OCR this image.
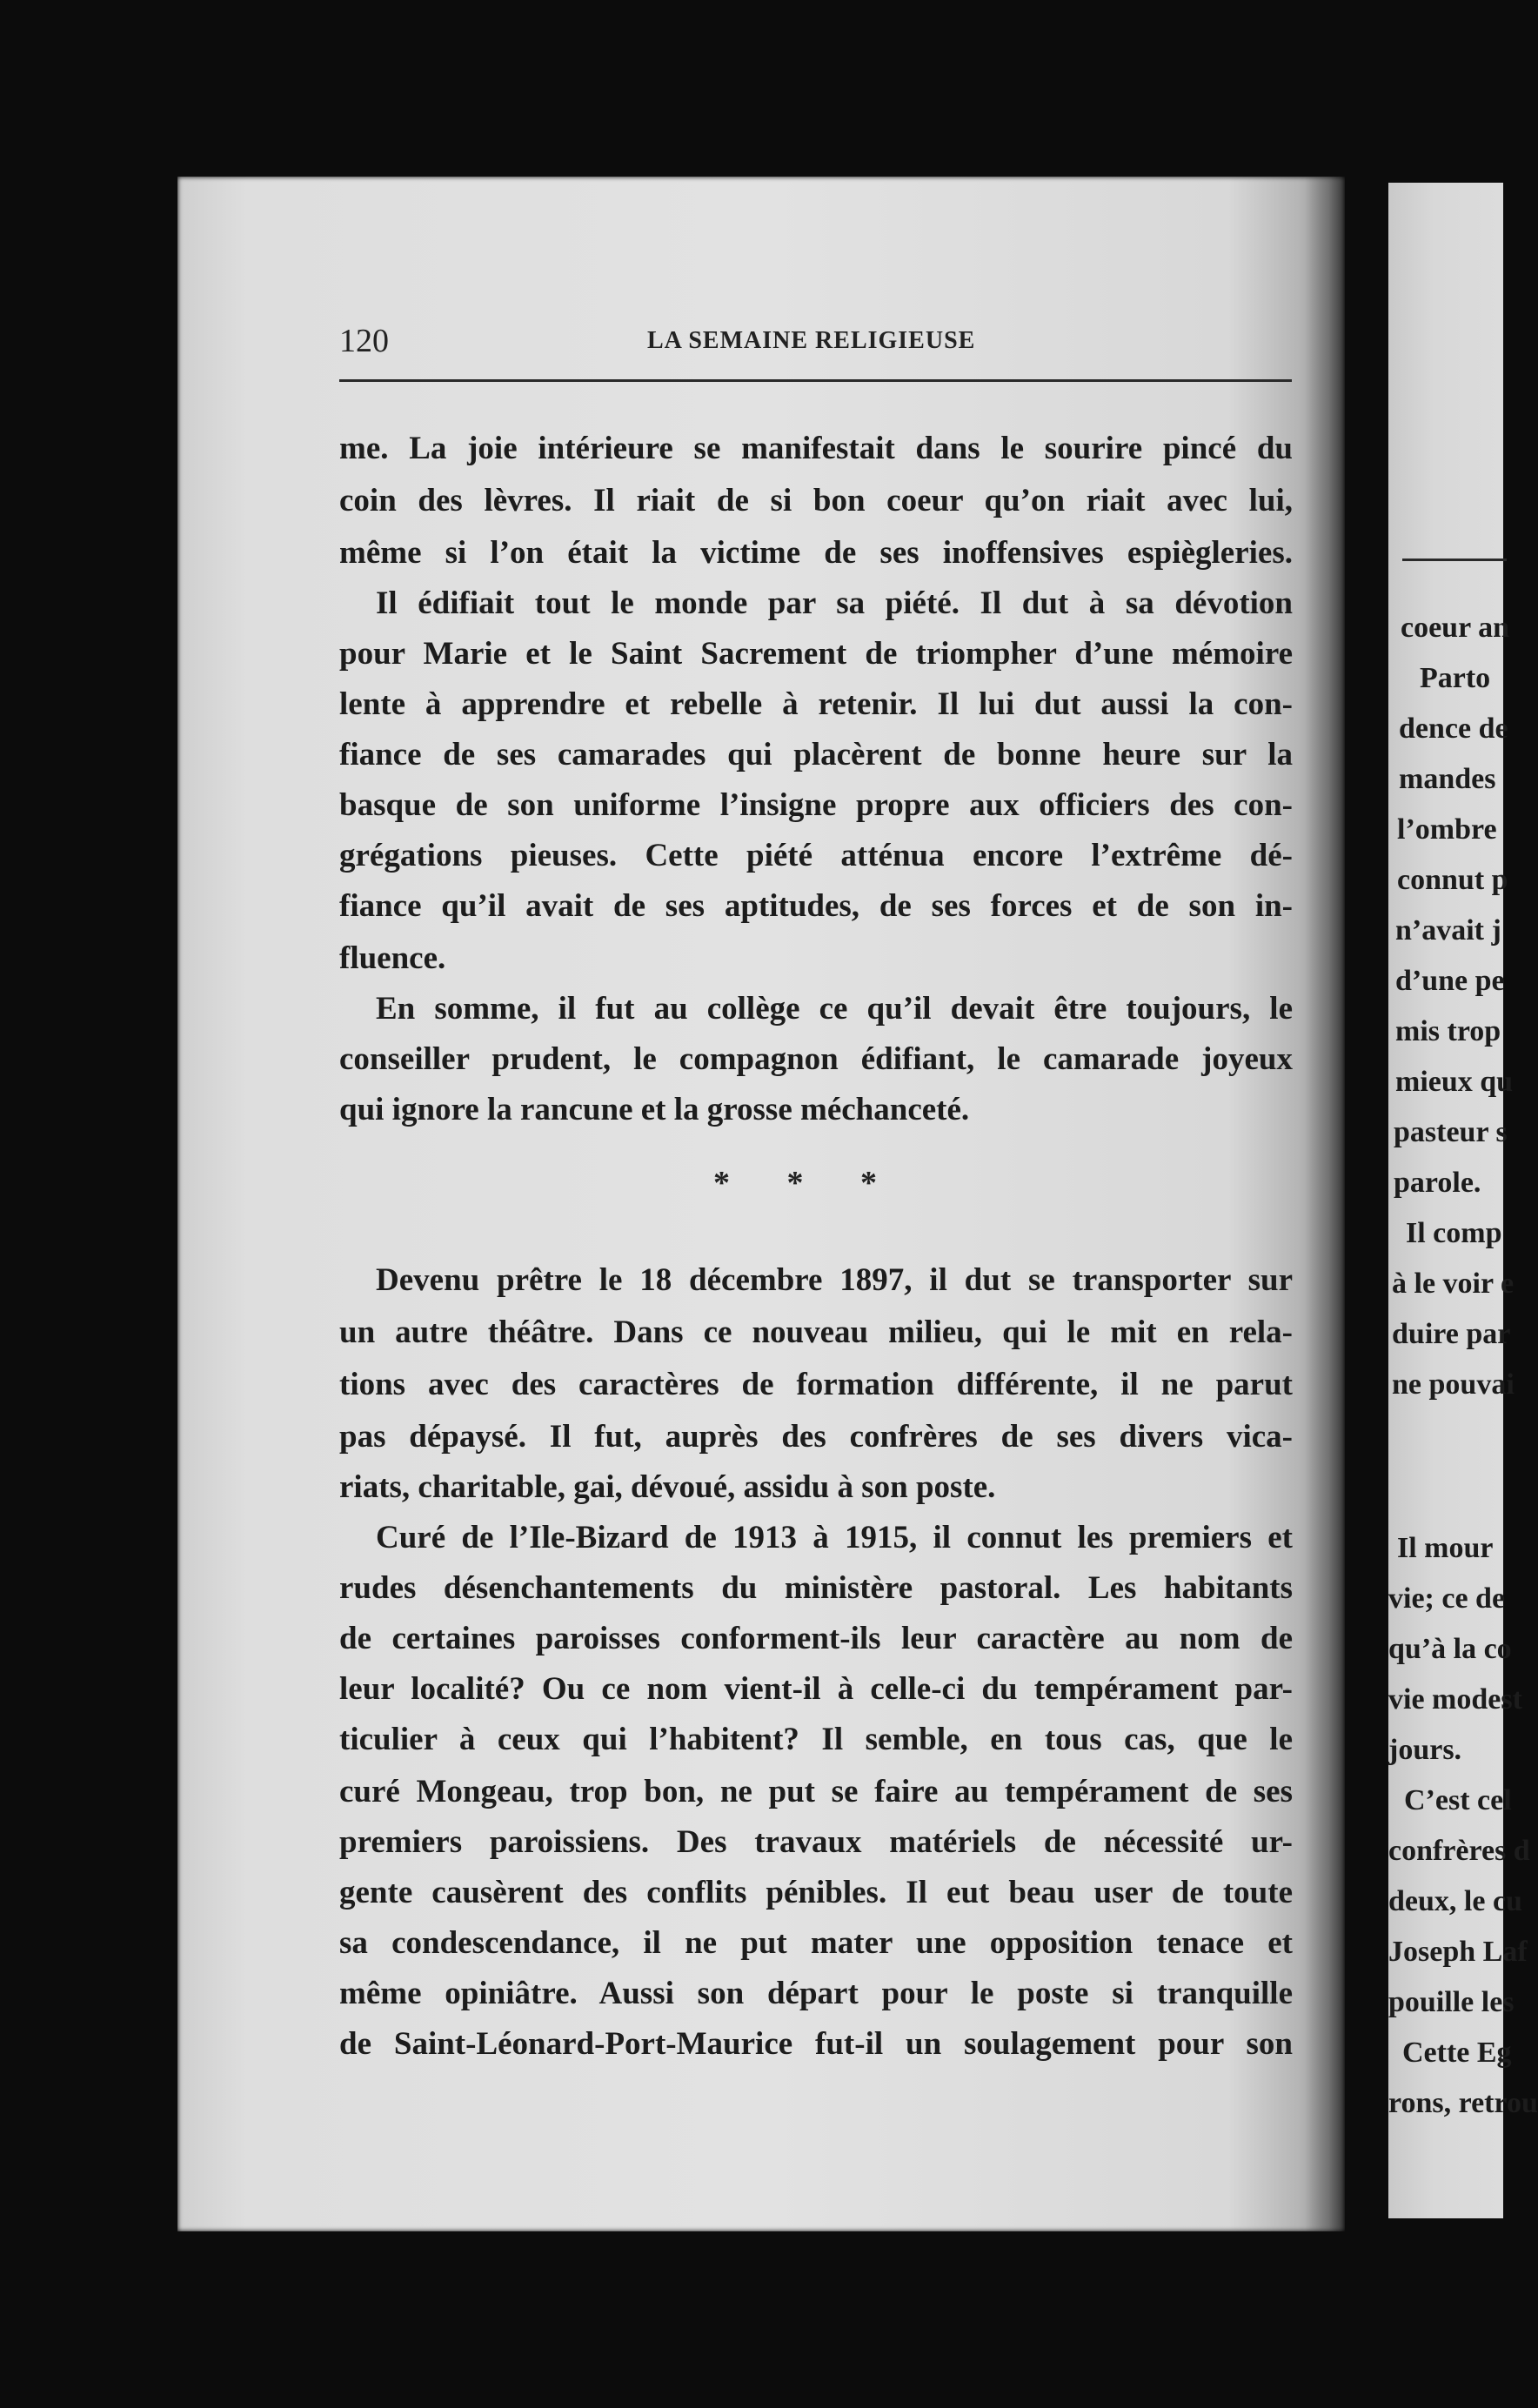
120	LA SEMAINE RELIGIEUSE
me. La joie intérieure se manifestait dans le sourire pincé du
coin des lèvres. Il riait de si bon coeur qu’on riait avec lui,
même si l’on était la victime de ses inoffensives espiègleries.
Il édifiait tout le monde par sa piété. Il dut à sa dévotion
pour Marie et le Saint Sacrement de triompher d’une mémoire
lente à apprendre et rebelle à retenir. Il lui dut aussi la con-
fiance de ses camarades qui placèrent de bonne heure sur la
basque de son uniforme l’insigne propre aux officiers des con-
grégations pieuses. Cette piété atténua encore l’extrême dé-
fiance qu’il avait de ses aptitudes, de ses forces et de son in-
fluence.
En somme, il fut au collège ce qu’il devait être toujours, le
conseiller prudent, le compagnon édifiant, le camarade joyeux
qui ignore la rancune et la grosse méchanceté.
* * *
Devenu prêtre le 18 décembre 1897, il dut se transporter sur
un autre théâtre. Dans ce nouveau milieu, qui le mit en rela-
tions avec des caractères de formation différente, il ne parut
pas dépaysé. Il fut, auprès des confrères de ses divers vica-
riats, charitable, gai, dévoué, assidu à son poste.
Curé de l’Ile-Bizard de 1913 à 1915, il connut les premiers et
rudes désenchantements du ministère pastoral. Les habitants
de certaines paroisses conforment-ils leur caractère au nom de
leur localité? Ou ce nom vient-il à celle-ci du tempérament par-
ticulier à ceux qui l’habitent? Il semble, en tous cas, que le
curé Mongeau, trop bon, ne put se faire au tempérament de ses
premiers paroissiens. Des travaux matériels de nécessité ur-
gente causèrent des conflits pénibles. Il eut beau user de toute
sa condescendance, il ne put mater une opposition tenace et
même opiniâtre. Aussi son départ pour le poste si tranquille
de Saint-Léonard-Port-Maurice fut-il un soulagement pour son
coeur an
Parto
dence de
mandes
l’ombre
connut p
n’avait j
d’une pe
mis trop
mieux qu
pasteur s
parole.
Il comp
à le voir e
duire par
ne pouvai
Il mour
vie; ce de
qu’à la co
vie modest
jours.
C’est cel
confrères d
deux, le cu
Joseph Laf
pouille les
Cette Eg
rons, retrou
